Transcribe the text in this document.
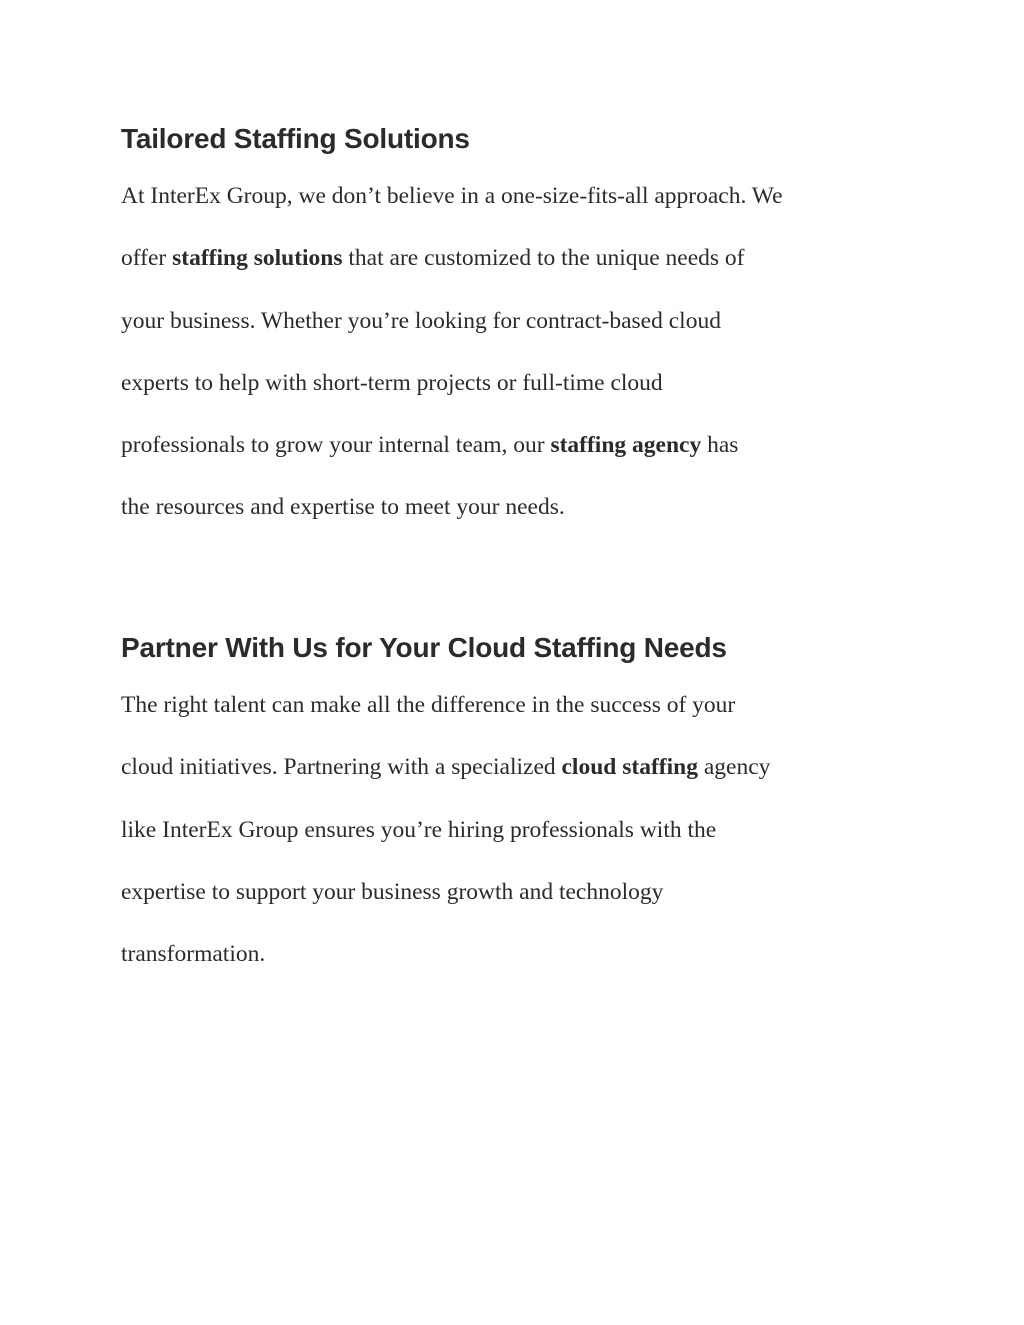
Tailored Staffing Solutions
At InterEx Group, we don’t believe in a one-size-fits-all approach. We
offer staffing solutions that are customized to the unique needs of
your business. Whether you’re looking for contract-based cloud
experts to help with short-term projects or full-time cloud
professionals to grow your internal team, our staffing agency has
the resources and expertise to meet your needs.
Partner With Us for Your Cloud Staffing Needs
The right talent can make all the difference in the success of your
cloud initiatives. Partnering with a specialized cloud staffing agency
like InterEx Group ensures you’re hiring professionals with the
expertise to support your business growth and technology
transformation.
